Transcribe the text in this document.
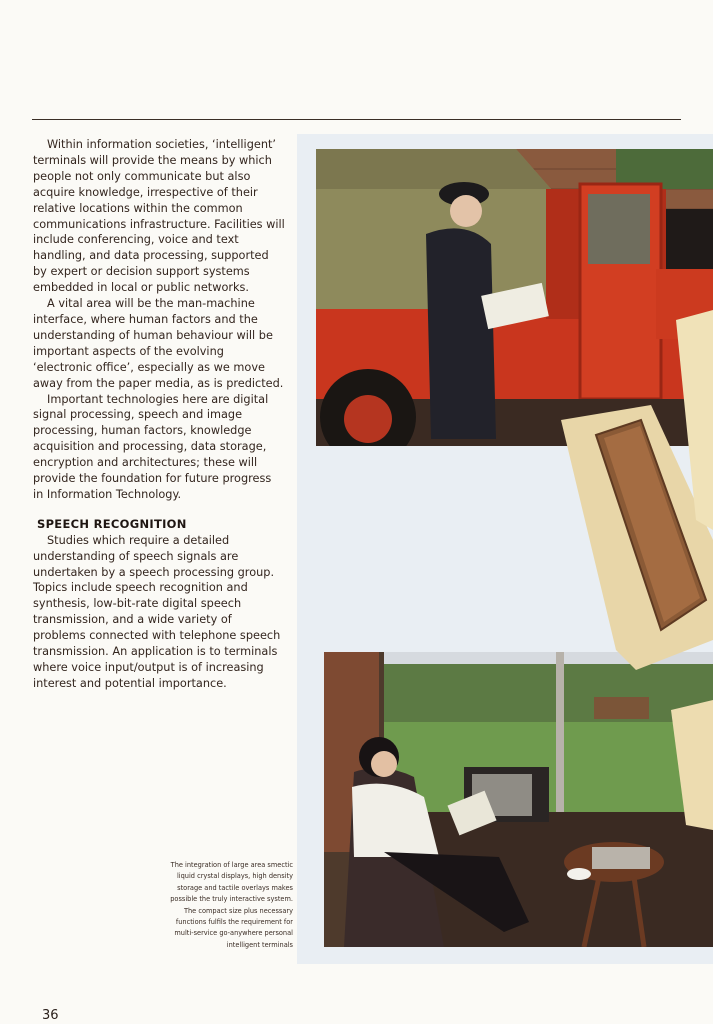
Within information societies, ‘intelligent’ terminals will provide the means by which people not only communicate but also acquire knowledge, irrespective of their relative locations within the common communications infrastructure. Facilities will include conferencing, voice and text handling, and data processing, supported by expert or decision support systems embedded in local or public networks.

A vital area will be the man-machine interface, where human factors and the understanding of human behaviour will be important aspects of the evolving ‘electronic office’, especially as we move away from the paper media, as is predicted.

Important technologies here are digital signal processing, speech and image processing, human factors, knowledge acquisition and processing, data storage, encryption and architectures; these will provide the foundation for future progress in Information Technology.

SPEECH RECOGNITION

Studies which require a detailed understanding of speech signals are undertaken by a speech processing group. Topics include speech recognition and synthesis, low-bit-rate digital speech transmission, and a wide variety of problems connected with telephone speech transmission. An application is to terminals where voice input/output is of increasing interest and potential importance.

The integration of large area smectic liquid crystal displays, high density storage and tactile overlays makes possible the truly interactive system. The compact size plus necessary functions fulfils the requirement for multi-service go-anywhere personal intelligent terminals
36
